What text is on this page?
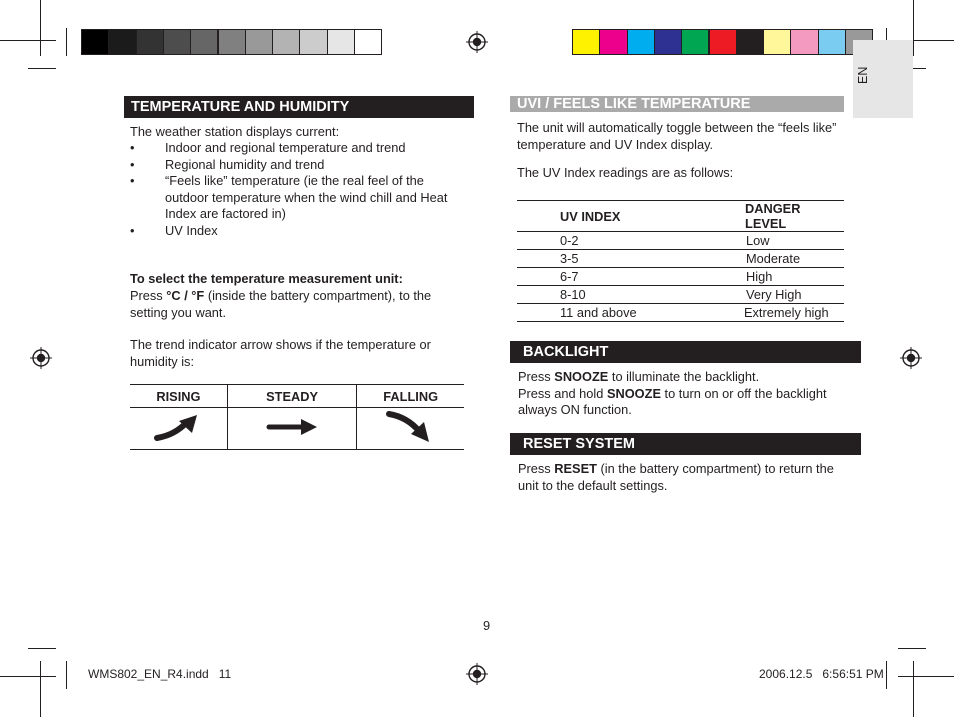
EN
TEMPERATURE AND HUMIDITY
The weather station displays current:
• Indoor and regional temperature and trend
• Regional humidity and trend
• “Feels like” temperature (ie the real feel of the outdoor temperature when the wind chill and Heat Index are factored in)
• UV Index
To select the temperature measurement unit:
Press °C / °F (inside the battery compartment), to the setting you want.
The trend indicator arrow shows if the temperature or humidity is:
RISING	STEADY	FALLING

UVI / FEELS LIKE TEMPERATURE
The unit will automatically toggle between the “feels like” temperature and UV Index display.
The UV Index readings are as follows:
UV INDEX	DANGER LEVEL
0-2	Low
3-5	Moderate
6-7	High
8-10	Very High
11 and above	Extremely high
BACKLIGHT
Press SNOOZE to illuminate the backlight.
Press and hold SNOOZE to turn on or off the backlight always ON function.
RESET SYSTEM
Press RESET (in the battery compartment) to return the unit to the default settings.
9
WMS802_EN_R4.indd   11	2006.12.5   6:56:51 PM
